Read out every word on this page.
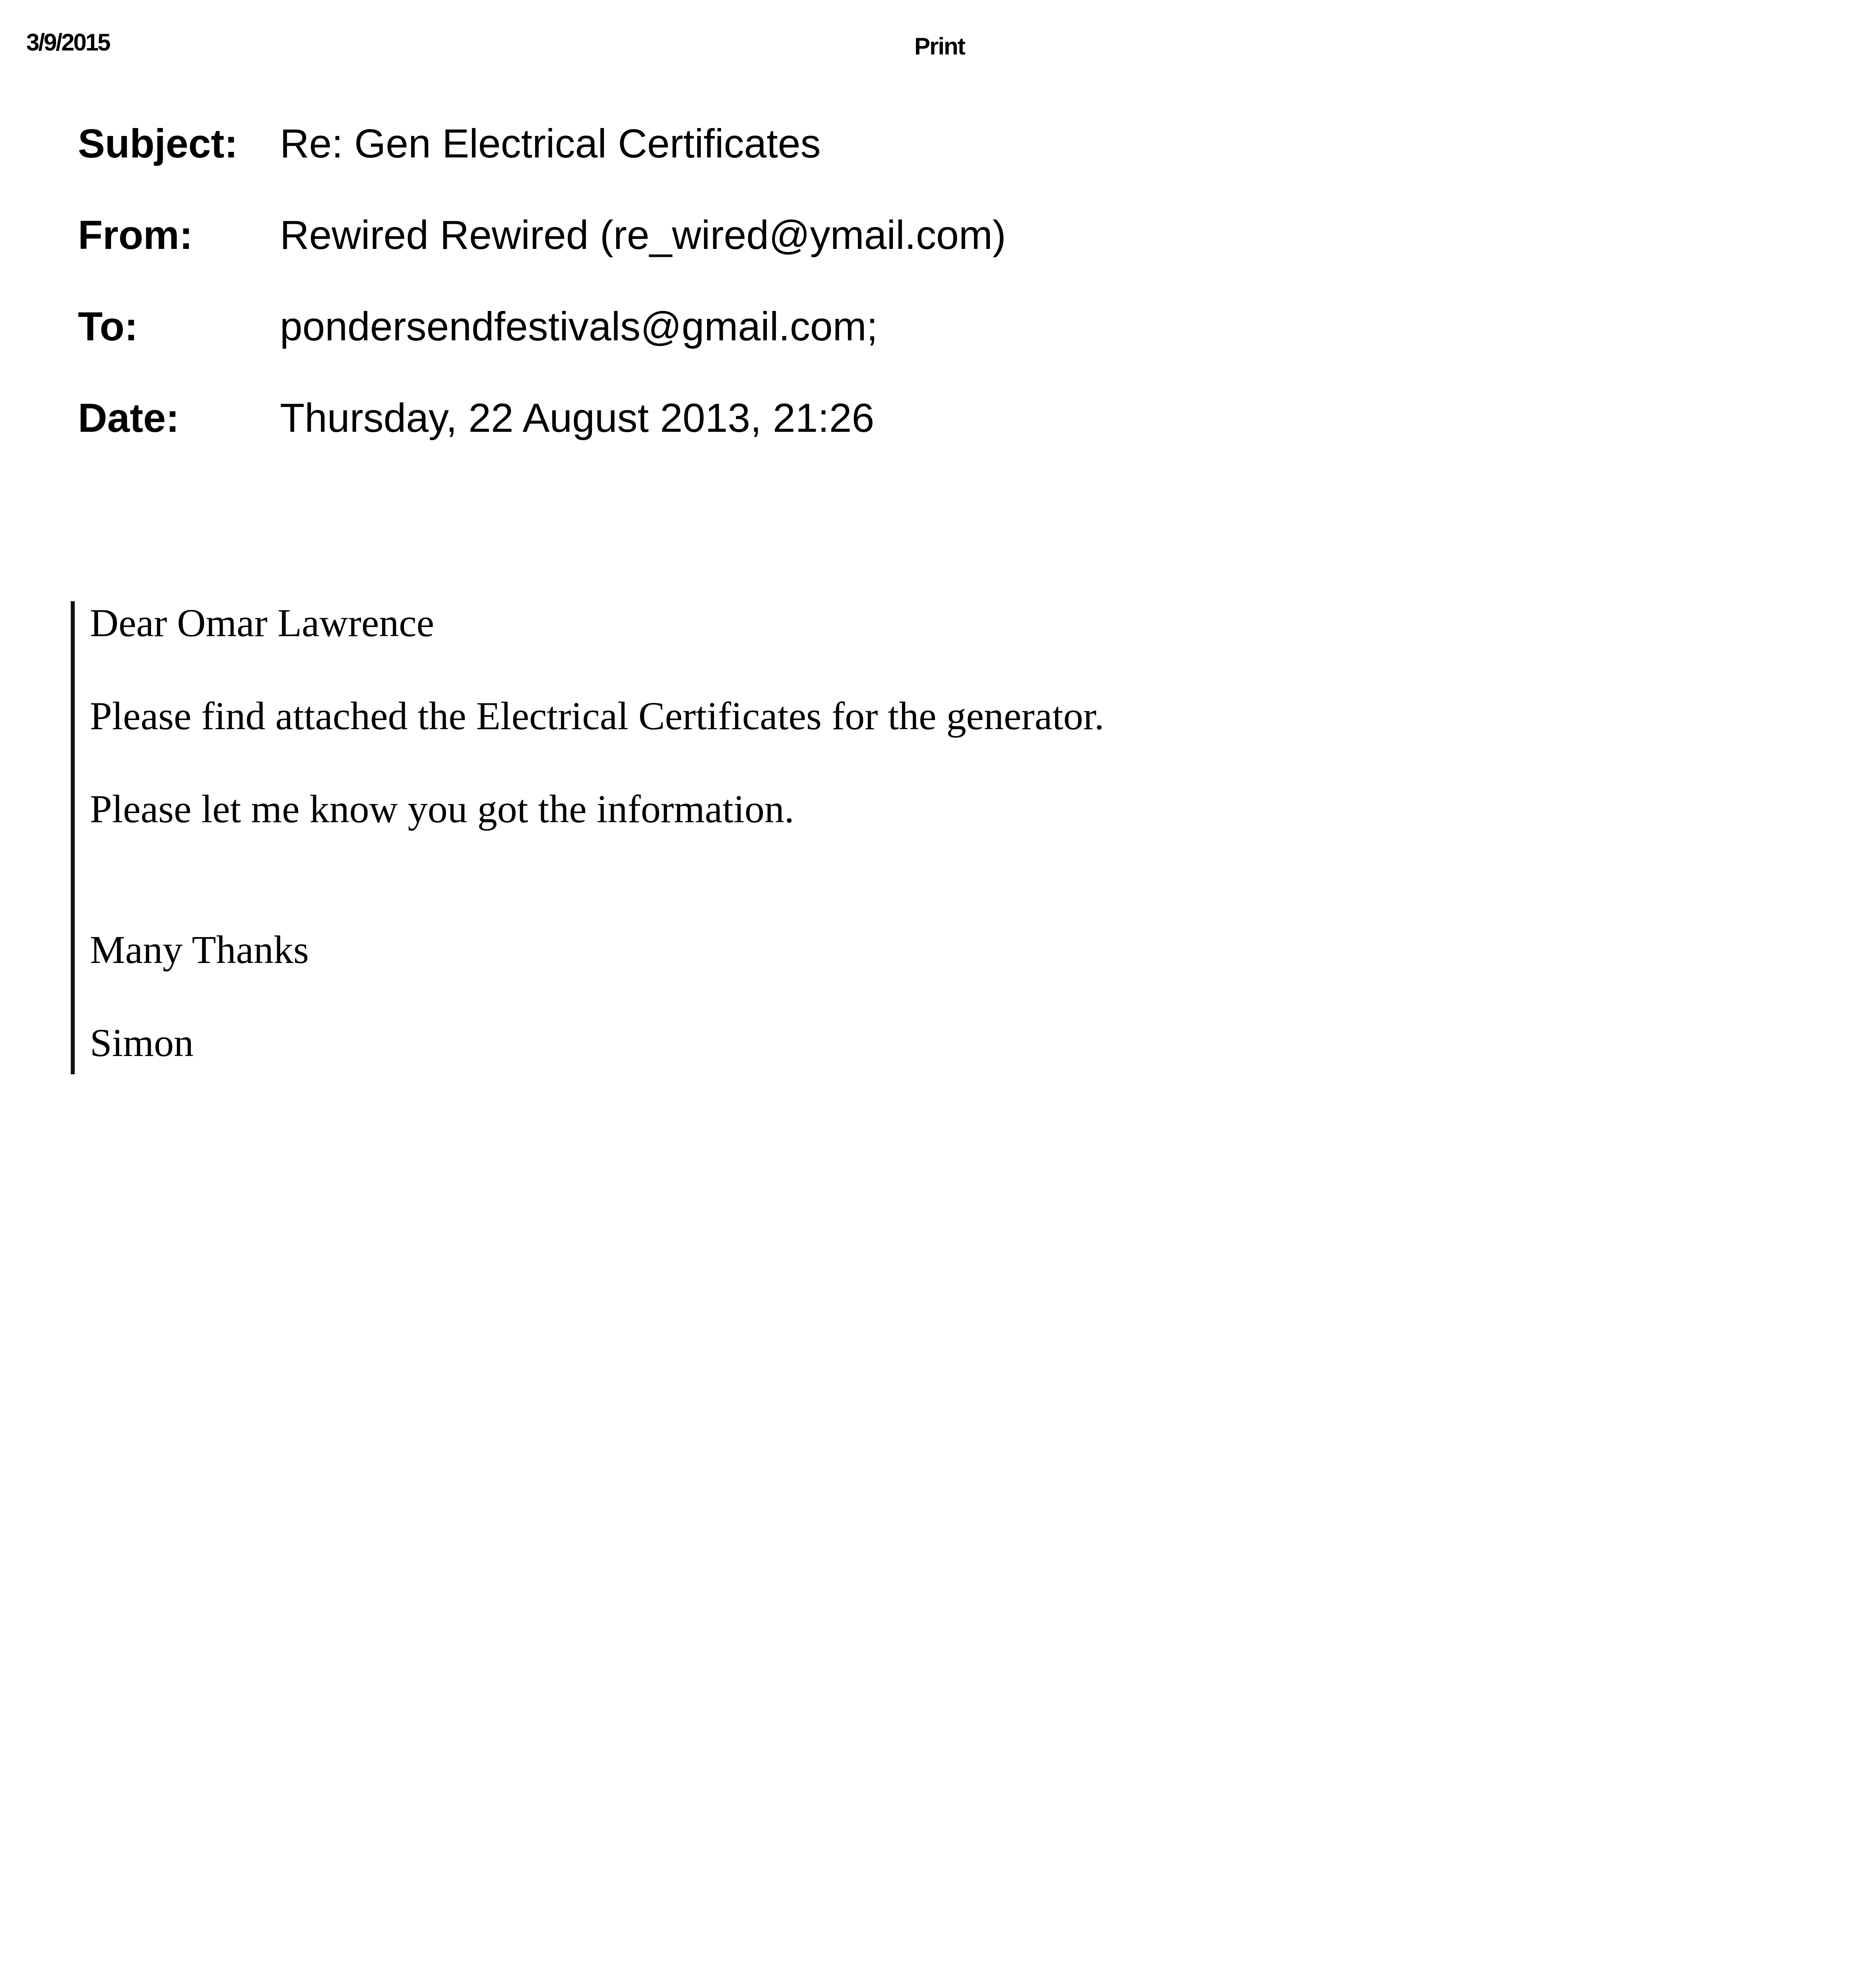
3/9/2015	Print
Subject: Re: Gen Electrical Certificates
From: Rewired Rewired (re_wired@ymail.com)
To:	pondersendfestivals@gmail.com;
Date: Thursday, 22 August 2013, 21:26
Dear Omar Lawrence
Please find attached the Electrical Certificates for the generator.
Please let me know you got the information.
Many Thanks
Simon
